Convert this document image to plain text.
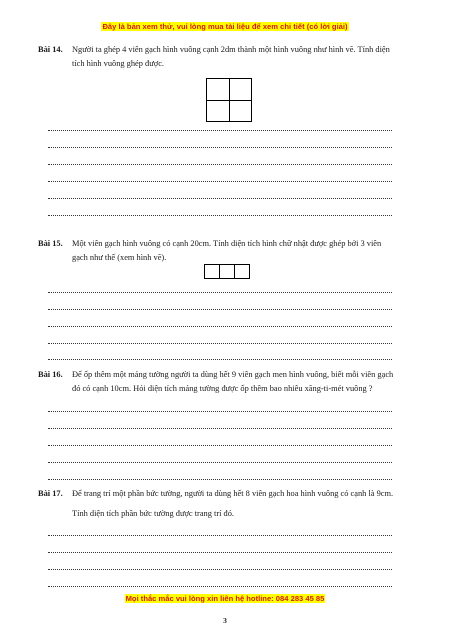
Đây là bản xem thử, vui lòng mua tài liệu để xem chi tiết (có lời giải)
Bài 14. Người ta ghép 4 viên gạch hình vuông cạnh 2dm thành một hình vuông như hình vẽ. Tính diện tích hình vuông ghép được.
Bài 15. Một viên gạch hình vuông có cạnh 20cm. Tính diện tích hình chữ nhật được ghép bởi 3 viên gạch như thế (xem hình vẽ).
Bài 16. Để ốp thêm một mảng tường người ta dùng hết 9 viên gạch men hình vuông, biết mỗi viên gạch đó có cạnh 10cm. Hỏi diện tích mảng tường được ốp thêm bao nhiêu xăng-ti-mét vuông ?
Bài 17. Để trang trí một phần bức tường, người ta dùng hết 8 viên gạch hoa hình vuông có cạnh là 9cm.
Tính diện tích phần bức tường được trang trí đó.
Mọi thắc mắc vui lòng xin liên hệ hotline: 084 283 45 85
3
